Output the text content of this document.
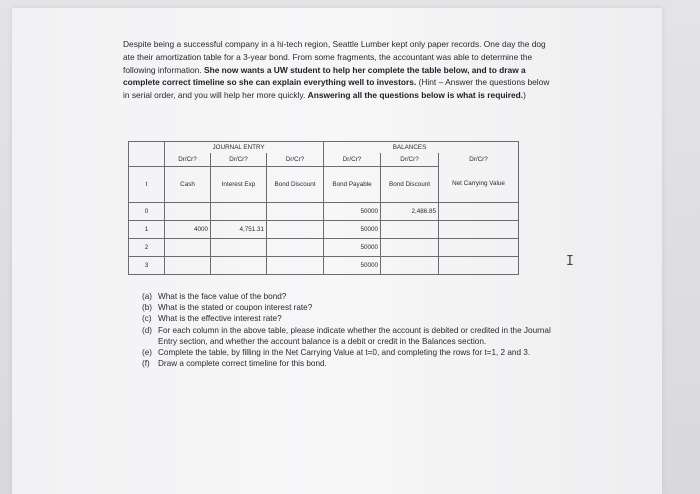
Despite being a successful company in a hi-tech region, Seattle Lumber kept only paper records. One day the dog ate their amortization table for a 3-year bond. From some fragments, the accountant was able to determine the following information. She now wants a UW student to help her complete the table below, and to draw a complete correct timeline so she can explain everything well to investors. (Hint – Answer the questions below in serial order, and you will help her more quickly. Answering all the questions below is what is required.)

		JOURNAL ENTRY			BALANCES	
	Dr/Cr?	Dr/Cr?	Dr/Cr?	Dr/Cr?	Dr/Cr?	Dr/Cr?
t	Cash	Interest Exp	Bond Discount	Bond Payable	Bond Discount	Net Carrying Value
0				50000	2,486.85	
1	4000	4,751.31		50000		
2				50000		
3				50000		
(a) What is the face value of the bond?
(b) What is the stated or coupon interest rate?
(c) What is the effective interest rate?
(d) For each column in the above table, please indicate whether the account is debited or credited in the Journal Entry section, and whether the account balance is a debit or credit in the Balances section.
(e) Complete the table, by filling in the Net Carrying Value at t=0, and completing the rows for t=1, 2 and 3.
(f)	Draw a complete correct timeline for this bond.
I
